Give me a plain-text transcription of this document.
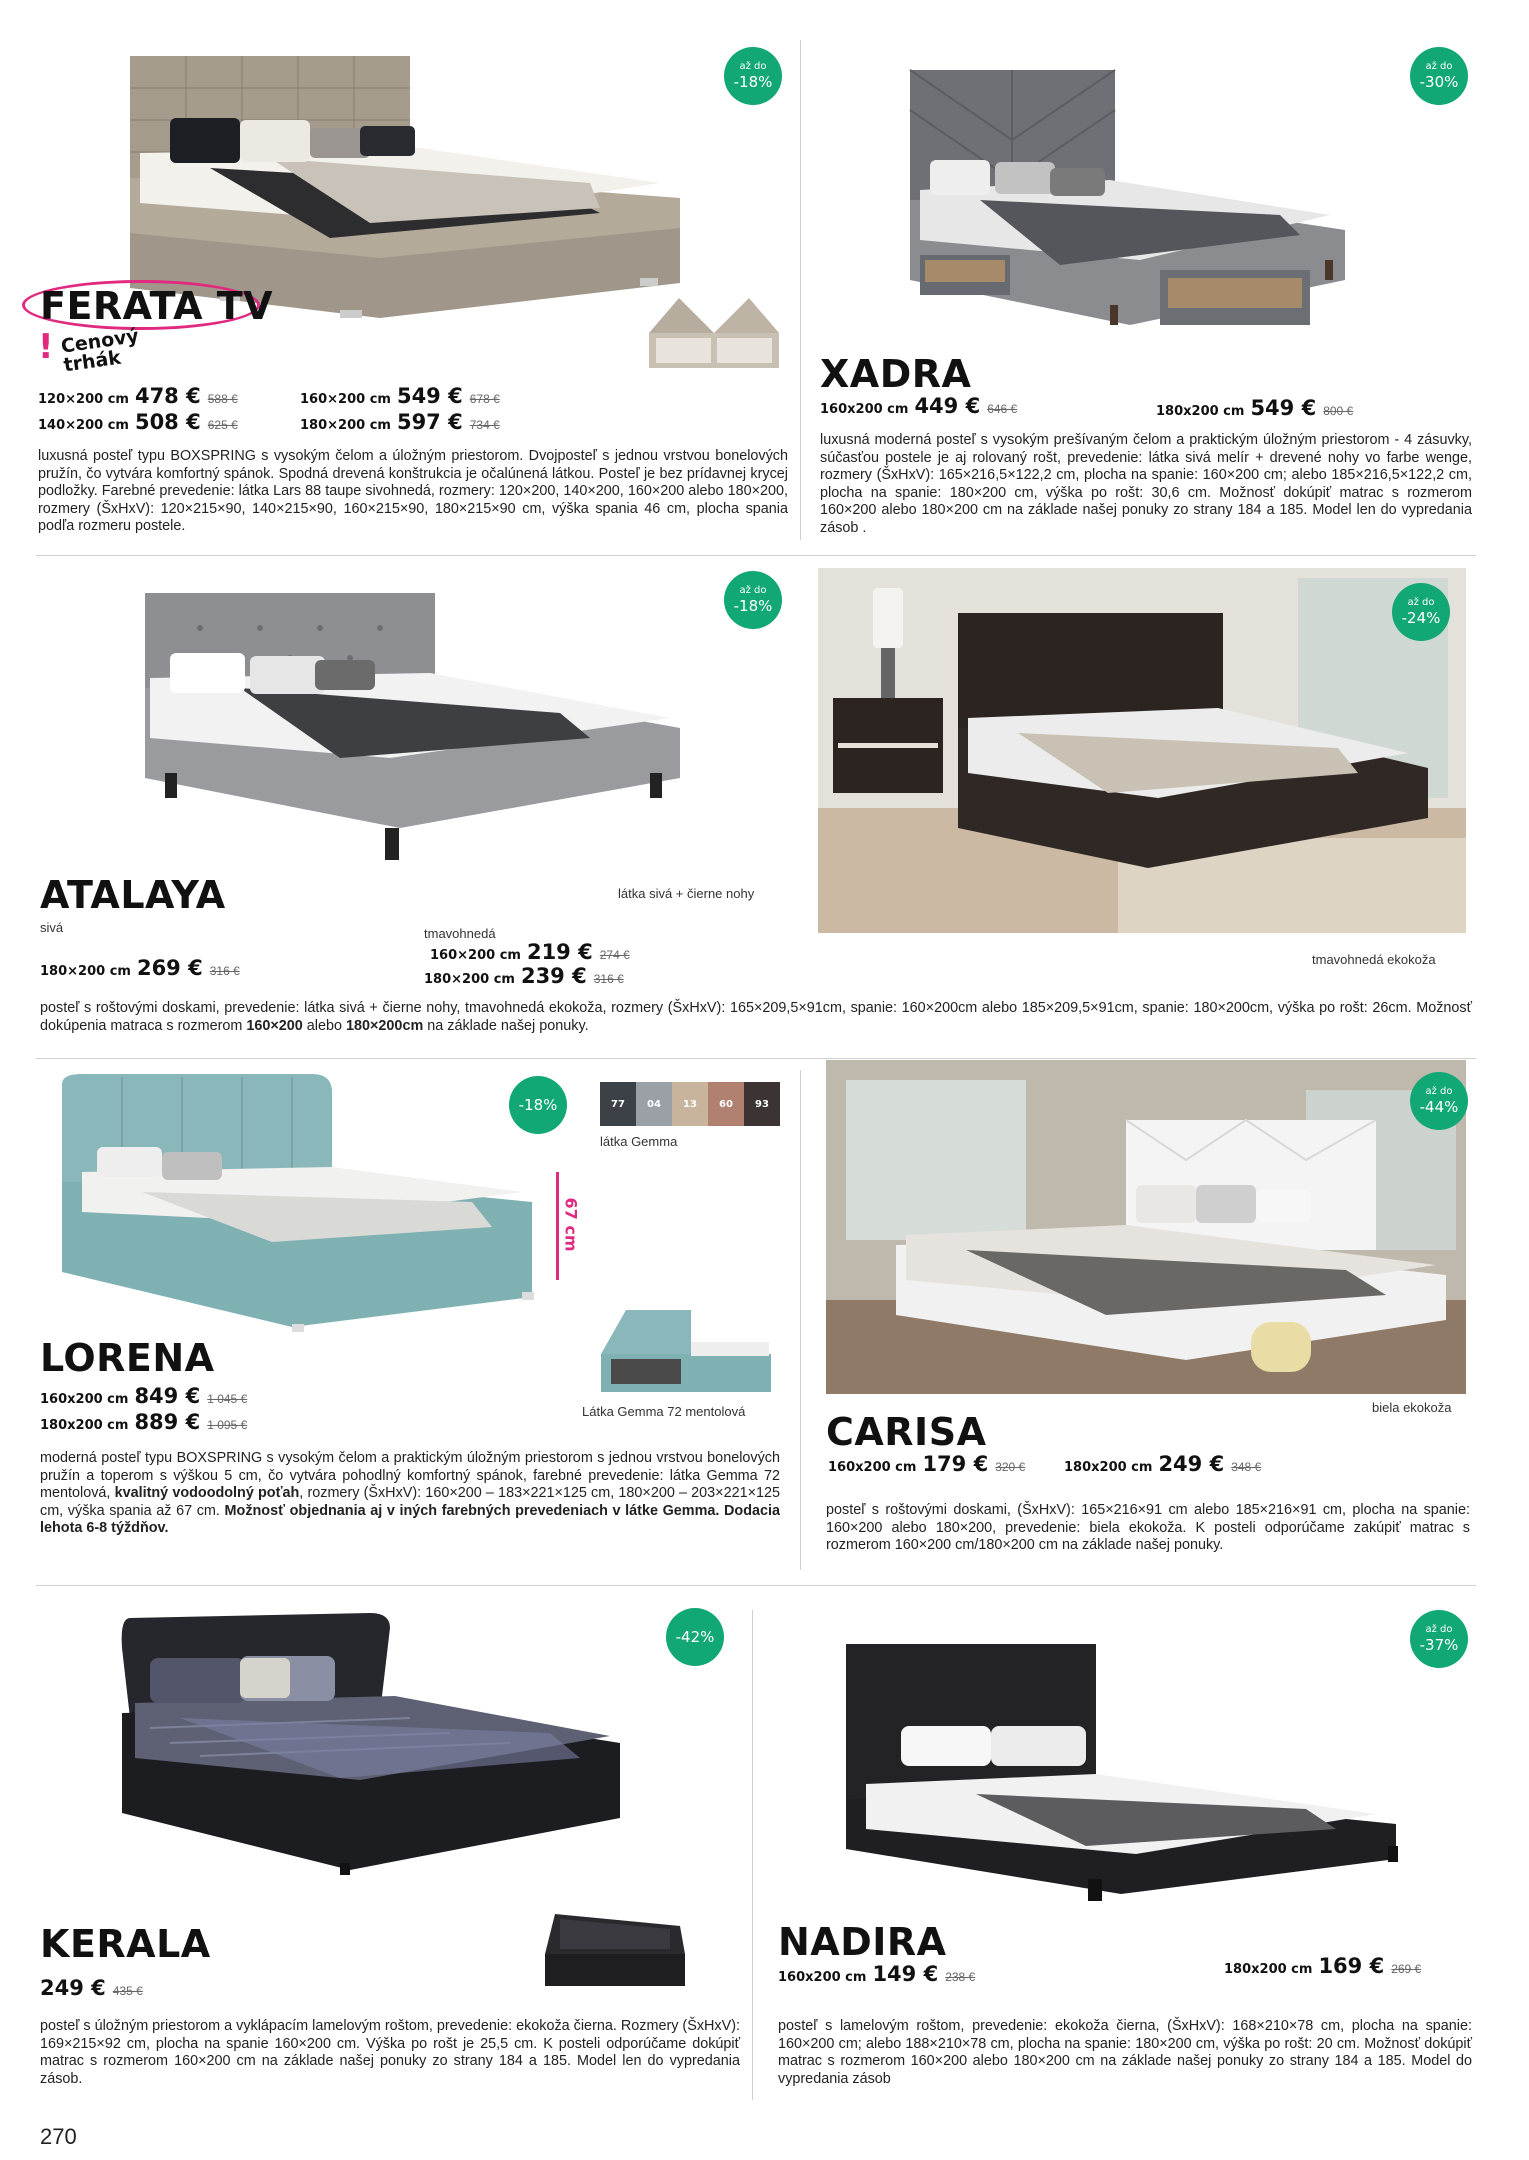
až do
-18%
FERATA TV
! Cenový trhák
120×200 cm 478 € 588 €
140×200 cm 508 € 625 €
160×200 cm 549 € 678 €
180×200 cm 597 € 734 €
luxusná posteľ typu BOXSPRING s vysokým čelom a úložným priestorom. Dvojposteľ s jednou vrstvou bonelových pružín, čo vytvára komfortný spánok. Spodná drevená konštrukcia je očalúnená látkou. Posteľ je bez prídavnej krycej podložky. Farebné prevedenie: látka Lars 88 taupe sivohnedá, rozmery: 120×200, 140×200, 160×200 alebo 180×200, rozmery (ŠxHxV): 120×215×90, 140×215×90, 160×215×90, 180×215×90 cm, výška spania 46 cm, plocha spania podľa rozmeru postele.
až do
-30%
XADRA
160x200 cm 449 € 646 €	180x200 cm 549 € 800 €
luxusná moderná posteľ s vysokým prešívaným čelom a praktickým úložným priestorom - 4 zásuvky, súčasťou postele je aj rolovaný rošt, prevedenie: látka sivá melír + drevené nohy vo farbe wenge, rozmery (ŠxHxV): 165×216,5×122,2 cm, plocha na spanie: 160×200 cm; alebo 185×216,5×122,2 cm, plocha na spanie: 180×200 cm, výška po rošt: 30,6 cm. Možnosť dokúpiť matrac s rozmerom 160×200 alebo 180×200 cm na základe našej ponuky zo strany 184 a 185. Model len do vypredania zásob .
až do
-18%	až do
-24%
ATALAYA	látka sivá + čierne nohy
sivá	tmavohnedá
tmavohnedá ekokoža
180×200 cm 269 € 316 €
160×200 cm 219 € 274 €
180×200 cm 239 € 316 €
posteľ s roštovými doskami, prevedenie: látka sivá + čierne nohy, tmavohnedá ekokoža, rozmery (ŠxHxV): 165×209,5×91cm, spanie: 160×200cm alebo 185×209,5×91cm, spanie: 180×200cm, výška po rošt: 26cm. Možnosť dokúpenia matraca s rozmerom 160×200 alebo 180×200cm na základe našej ponuky.
-18%
67 cm
77	04	13	60	93
látka Gemma
LORENA
Látka Gemma 72 mentolová
160x200 cm 849 € 1 045 €
180x200 cm 889 € 1 095 €
moderná posteľ typu BOXSPRING s vysokým čelom a praktickým úložným priestorom s jednou vrstvou bonelových pružín a toperom s výškou 5 cm, čo vytvára pohodlný komfortný spánok, farebné prevedenie: látka Gemma 72 mentolová, kvalitný vodoodolný poťah, rozmery (ŠxHxV): 160×200 – 183×221×125 cm, 180×200 – 203×221×125 cm, výška spania až 67 cm. Možnosť objednania aj v iných farebných prevedeniach v látke Gemma. Dodacia lehota 6-8 týždňov.
až do
-44%
biela ekokoža
CARISA
160x200 cm 179 € 320 €	180x200 cm 249 € 348 €
posteľ s roštovými doskami, (ŠxHxV): 165×216×91 cm alebo 185×216×91 cm, plocha na spanie: 160×200 alebo 180×200, prevedenie: biela ekokoža. K posteli odporúčame zakúpiť matrac s rozmerom 160×200 cm/180×200 cm na základe našej ponuky.
-42%
KERALA
249 € 435 €
posteľ s úložným priestorom a vyklápacím lamelovým roštom, prevedenie: ekokoža čierna. Rozmery (ŠxHxV): 169×215×92 cm, plocha na spanie 160×200 cm. Výška po rošt je 25,5 cm. K posteli odporúčame dokúpiť matrac s rozmerom 160×200 cm na základe našej ponuky zo strany 184 a 185. Model len do vypredania zásob.
až do
-37%
NADIRA
160x200 cm 149 € 238 €	180x200 cm 169 € 269 €
posteľ s lamelovým roštom, prevedenie: ekokoža čierna, (ŠxHxV): 168×210×78 cm, plocha na spanie: 160×200 cm; alebo 188×210×78 cm, plocha na spanie: 180×200 cm, výška po rošt: 20 cm. Možnosť dokúpiť matrac s rozmerom 160×200 alebo 180×200 cm na základe našej ponuky zo strany 184 a 185. Model do vypredania zásob
270
